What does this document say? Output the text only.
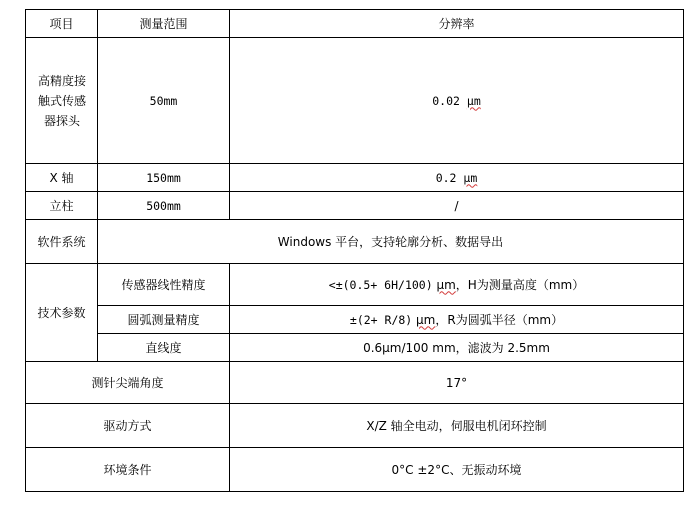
项目	测量范围	分辨率
高精度接
触式传感
器探头	50mm	0.02 μm
X 轴	150mm	0.2 μm
立柱	500mm	/
软件系统	Windows 平台，支持轮廓分析、数据导出	
技术参数	传感器线性精度	<±(0.5+ 6H/100) μm，H为测量高度（mm）
	圆弧测量精度	±(2+ R/8) μm，R为圆弧半径（mm）
	直线度	0.6μm/100 mm，滤波为 2.5mm
测针尖端角度		17°
驱动方式		X/Z 轴全电动，伺服电机闭环控制
环境条件		0°C ±2°C、无振动环境
